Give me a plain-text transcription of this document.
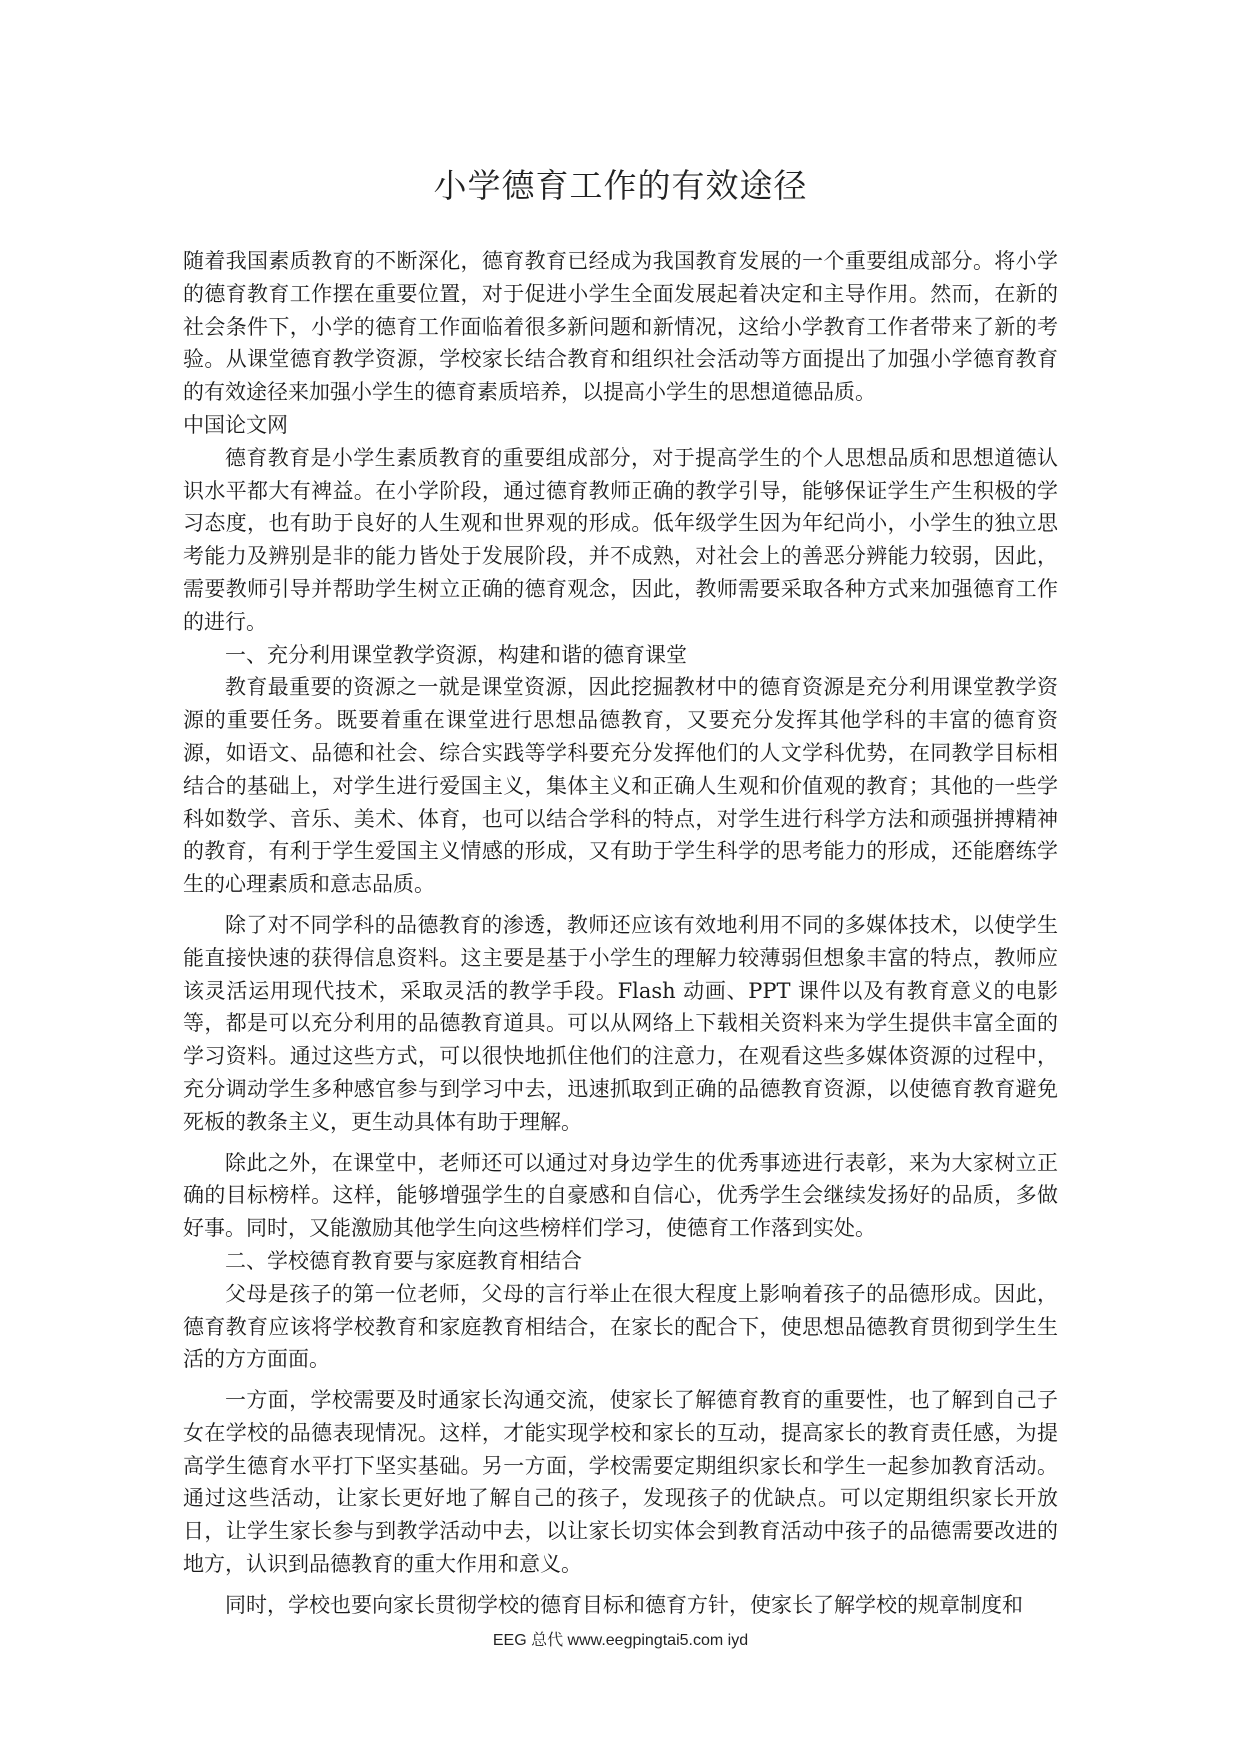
小学德育工作的有效途径

随着我国素质教育的不断深化，德育教育已经成为我国教育发展的一个重要组成部分。将小学的德育教育工作摆在重要位置，对于促进小学生全面发展起着决定和主导作用。然而，在新的社会条件下，小学的德育工作面临着很多新问题和新情况，这给小学教育工作者带来了新的考验。从课堂德育教学资源，学校家长结合教育和组织社会活动等方面提出了加强小学德育教育的有效途径来加强小学生的德育素质培养，以提高小学生的思想道德品质。

中国论文网

德育教育是小学生素质教育的重要组成部分，对于提高学生的个人思想品质和思想道德认识水平都大有裨益。在小学阶段，通过德育教师正确的教学引导，能够保证学生产生积极的学习态度，也有助于良好的人生观和世界观的形成。低年级学生因为年纪尚小，小学生的独立思考能力及辨别是非的能力皆处于发展阶段，并不成熟，对社会上的善恶分辨能力较弱，因此，需要教师引导并帮助学生树立正确的德育观念，因此，教师需要采取各种方式来加强德育工作的进行。

一、充分利用课堂教学资源，构建和谐的德育课堂

教育最重要的资源之一就是课堂资源，因此挖掘教材中的德育资源是充分利用课堂教学资源的重要任务。既要着重在课堂进行思想品德教育，又要充分发挥其他学科的丰富的德育资源，如语文、品德和社会、综合实践等学科要充分发挥他们的人文学科优势，在同教学目标相结合的基础上，对学生进行爱国主义，集体主义和正确人生观和价值观的教育；其他的一些学科如数学、音乐、美术、体育，也可以结合学科的特点，对学生进行科学方法和顽强拼搏精神的教育，有利于学生爱国主义情感的形成，又有助于学生科学的思考能力的形成，还能磨练学生的心理素质和意志品质。

除了对不同学科的品德教育的渗透，教师还应该有效地利用不同的多媒体技术，以使学生能直接快速的获得信息资料。这主要是基于小学生的理解力较薄弱但想象丰富的特点，教师应该灵活运用现代技术，采取灵活的教学手段。Flash 动画、PPT 课件以及有教育意义的电影等，都是可以充分利用的品德教育道具。可以从网络上下载相关资料来为学生提供丰富全面的学习资料。通过这些方式，可以很快地抓住他们的注意力，在观看这些多媒体资源的过程中，充分调动学生多种感官参与到学习中去，迅速抓取到正确的品德教育资源，以使德育教育避免死板的教条主义，更生动具体有助于理解。

除此之外，在课堂中，老师还可以通过对身边学生的优秀事迹进行表彰，来为大家树立正确的目标榜样。这样，能够增强学生的自豪感和自信心，优秀学生会继续发扬好的品质，多做好事。同时，又能激励其他学生向这些榜样们学习，使德育工作落到实处。

二、学校德育教育要与家庭教育相结合

父母是孩子的第一位老师，父母的言行举止在很大程度上影响着孩子的品德形成。因此，德育教育应该将学校教育和家庭教育相结合，在家长的配合下，使思想品德教育贯彻到学生生活的方方面面。

一方面，学校需要及时通家长沟通交流，使家长了解德育教育的重要性，也了解到自己子女在学校的品德表现情况。这样，才能实现学校和家长的互动，提高家长的教育责任感，为提高学生德育水平打下坚实基础。另一方面，学校需要定期组织家长和学生一起参加教育活动。通过这些活动，让家长更好地了解自己的孩子，发现孩子的优缺点。可以定期组织家长开放日，让学生家长参与到教学活动中去，以让家长切实体会到教育活动中孩子的品德需要改进的地方，认识到品德教育的重大作用和意义。

同时，学校也要向家长贯彻学校的德育目标和德育方针，使家长了解学校的规章制度和

EEG 总代 www.eegpingtai5.com iyd
